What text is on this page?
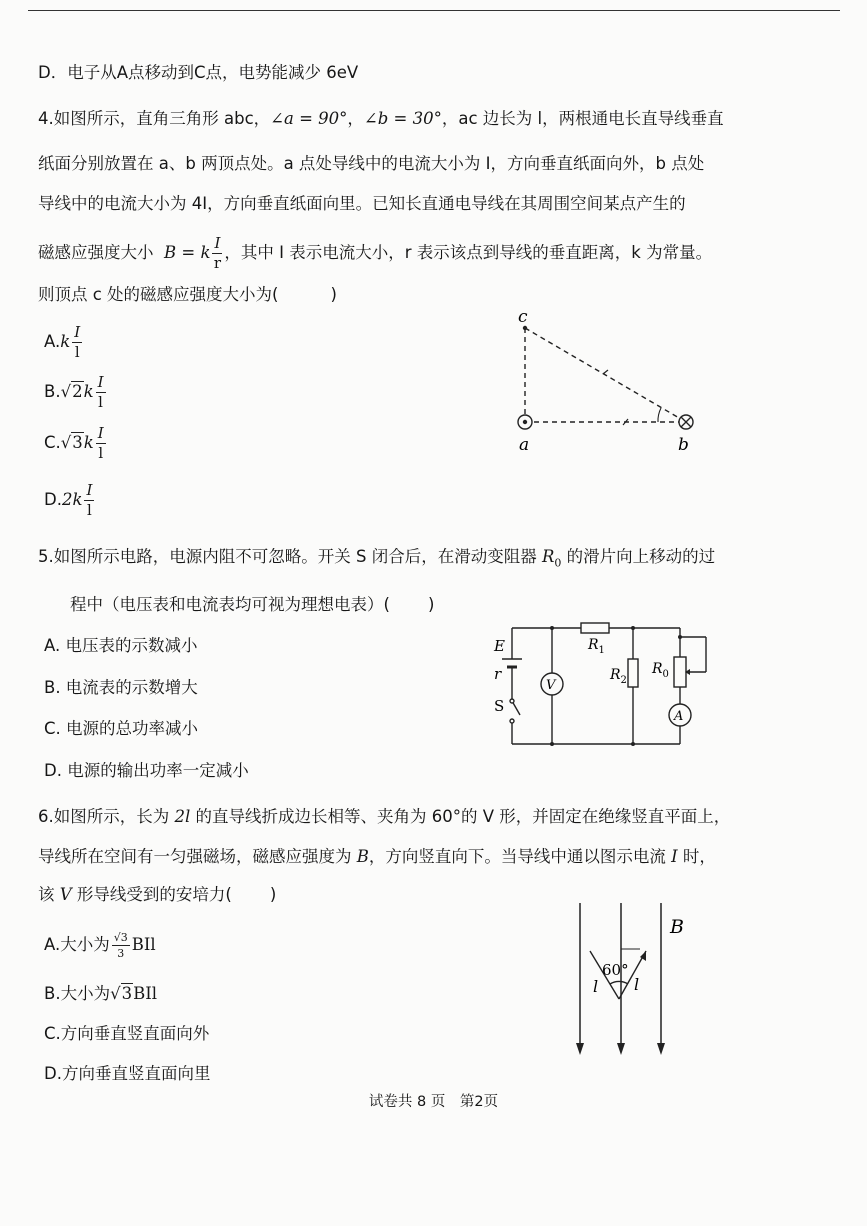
D．电子从A点移动到C点，电势能减少 6eV
4.如图所示，直角三角形 abc，∠a = 90°，∠b = 30°，ac 边长为 l，两根通电长直导线垂直
纸面分别放置在 a、b 两顶点处。a 点处导线中的电流大小为 I，方向垂直纸面向外，b 点处
导线中的电流大小为 4I，方向垂直纸面向里。已知长直通电导线在其周围空间某点产生的
磁感应强度大小 B = k $\frac{I}{r}$ ，其中 I 表示电流大小，r 表示该点到导线的垂直距离，k 为常量。
则顶点 c 处的磁感应强度大小为(	)
$A.k \frac{I}{l}$
$B.√2k \frac{I}{l}$
$C.√3k \frac{I}{l}$
$D.2k \frac{I}{l}$
c
a	b
5.如图所示电路，电源内阻不可忽略。开关 S 闭合后，在滑动变阻器 $R_0$ 的滑片向上移动的过
程中（电压表和电流表均可视为理想电表）( )
A. 电压表的示数减小
B. 电流表的示数增大
C. 电源的总功率减小
D. 电源的输出功率一定减小
V
A
E
r
S
$R_1$
$R_2$
$R_0$
6.如图所示，长为 2l 的直导线折成边长相等、夹角为 60°的 V 形，并固定在绝缘竖直平面上，
导线所在空间有一匀强磁场，磁感应强度为 B，方向竖直向下。当导线中通以图示电流 I 时，
该 V 形导线受到的安培力( )
A.大小为 $\frac{√3}{3}$ BIl
B.大小为√3BIl
C.方向垂直竖直面向外
D.方向垂直竖直面向里
B
60°
l l
试卷共 8 页　第2页
